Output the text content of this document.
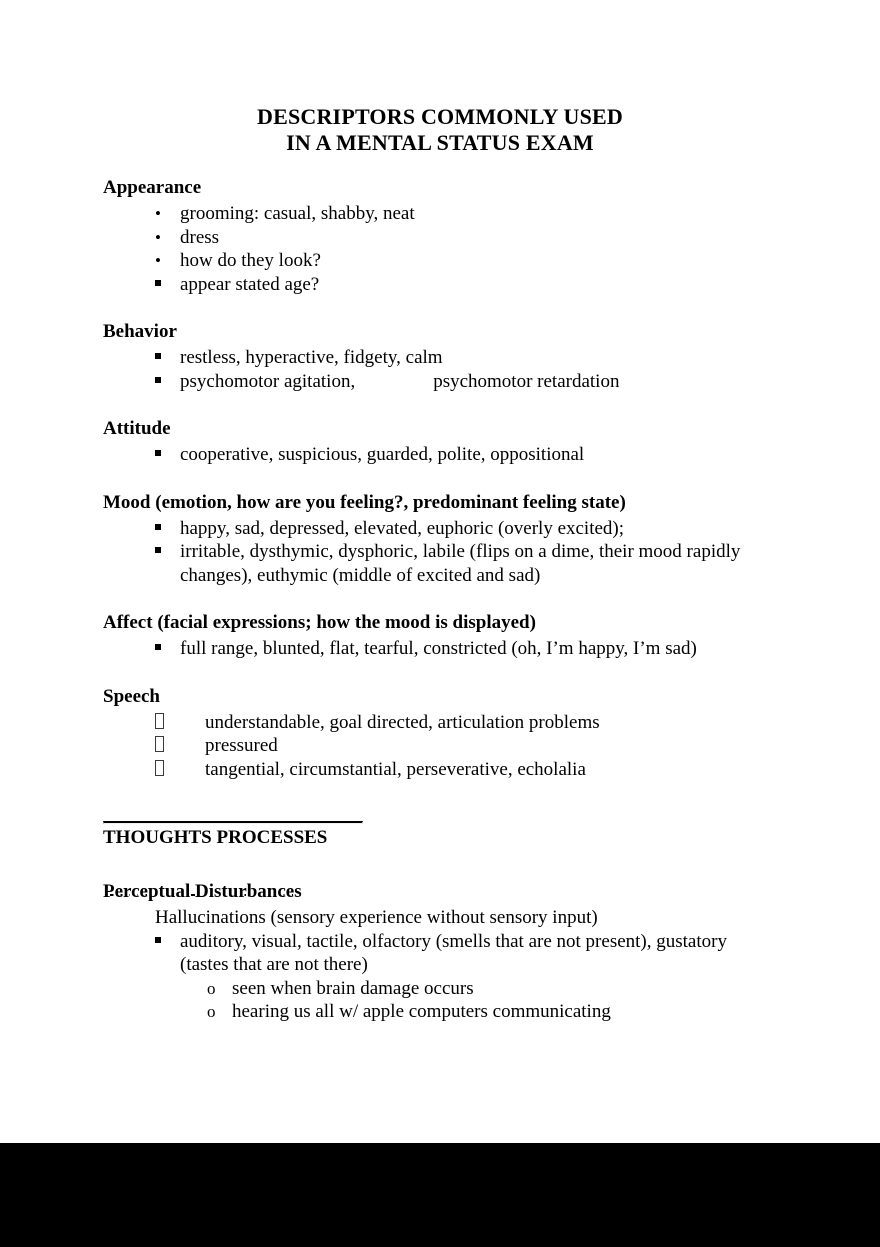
DESCRIPTORS COMMONLY USED
IN A MENTAL STATUS EXAM
Appearance
•
grooming: casual, shabby, neat
•
dress
•
how do they look?
appear stated age?
Behavior
restless, hyperactive, fidgety, calm
psychomotor agitation,	psychomotor retardation
Attitude
cooperative, suspicious, guarded, polite, oppositional
Mood (emotion, how are you feeling?, predominant feeling state)
happy, sad, depressed, elevated, euphoric (overly excited);
irritable, dysthymic, dysphoric, labile (flips on a dime, their mood rapidly changes), euthymic (middle of excited and sad)
Affect (facial expressions; how the mood is displayed)
full range, blunted, flat, tearful, constricted (oh, I’m happy, I’m sad)
Speech
understandable, goal directed, articulation problems
pressured
tangential, circumstantial, perseverative, echolalia
THOUGHTS PROCESSES
Perceptual Disturbances
Hallucinations (sensory experience without sensory input)
auditory, visual, tactile, olfactory (smells that are not present), gustatory (tastes that are not there)
o
seen when brain damage occurs
o
hearing us all w/ apple computers communicating
